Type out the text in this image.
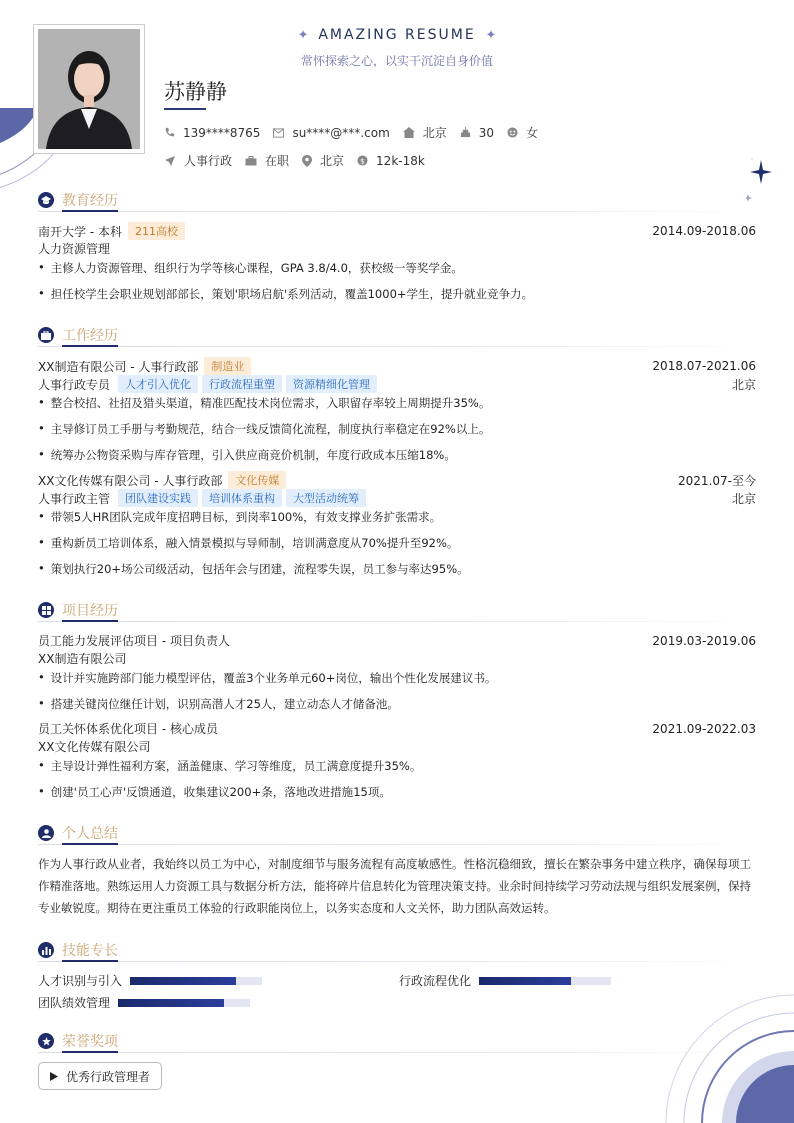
✦ AMAZING RESUME ✦
常怀探索之心，以实干沉淀自身价值
苏静静
139****8765	su****@***.com	北京	30	女
人事行政	在职	北京 $ 12k-18k
教育经历
南开大学 - 本科	211高校	2014.09-2018.06
人力资源管理
• 主修人力资源管理、组织行为学等核心课程，GPA 3.8/4.0，获校级一等奖学金。
• 担任校学生会职业规划部部长，策划'职场启航'系列活动，覆盖1000+学生，提升就业竞争力。
工作经历
XX制造有限公司 - 人事行政部	制造业	2018.07-2021.06
人事行政专员	人才引入优化	行政流程重塑	资源精细化管理	北京
• 整合校招、社招及猎头渠道，精准匹配技术岗位需求，入职留存率较上周期提升35%。
• 主导修订员工手册与考勤规范，结合一线反馈简化流程，制度执行率稳定在92%以上。
• 统筹办公物资采购与库存管理，引入供应商竞价机制，年度行政成本压缩18%。
XX文化传媒有限公司 - 人事行政部	文化传媒	2021.07-至今
人事行政主管	团队建设实践	培训体系重构	大型活动统筹	北京
• 带领5人HR团队完成年度招聘目标，到岗率100%，有效支撑业务扩张需求。
• 重构新员工培训体系，融入情景模拟与导师制，培训满意度从70%提升至92%。
• 策划执行20+场公司级活动，包括年会与团建，流程零失误，员工参与率达95%。
项目经历
员工能力发展评估项目 - 项目负责人	2019.03-2019.06
XX制造有限公司
• 设计并实施跨部门能力模型评估，覆盖3个业务单元60+岗位，输出个性化发展建议书。
• 搭建关键岗位继任计划，识别高潜人才25人，建立动态人才储备池。
员工关怀体系优化项目 - 核心成员	2021.09-2022.03
XX文化传媒有限公司
• 主导设计弹性福利方案，涵盖健康、学习等维度，员工满意度提升35%。
• 创建'员工心声'反馈通道，收集建议200+条，落地改进措施15项。
个人总结
作为人事行政从业者，我始终以员工为中心，对制度细节与服务流程有高度敏感性。性格沉稳细致，擅长在繁杂事务中建立秩序，确保每项工作精准落地。熟练运用人力资源工具与数据分析方法，能将碎片信息转化为管理决策支持。业余时间持续学习劳动法规与组织发展案例，保持专业敏锐度。期待在更注重员工体验的行政职能岗位上，以务实态度和人文关怀，助力团队高效运转。
技能专长
人才识别与引入	行政流程优化
团队绩效管理
荣誉奖项
优秀行政管理者
